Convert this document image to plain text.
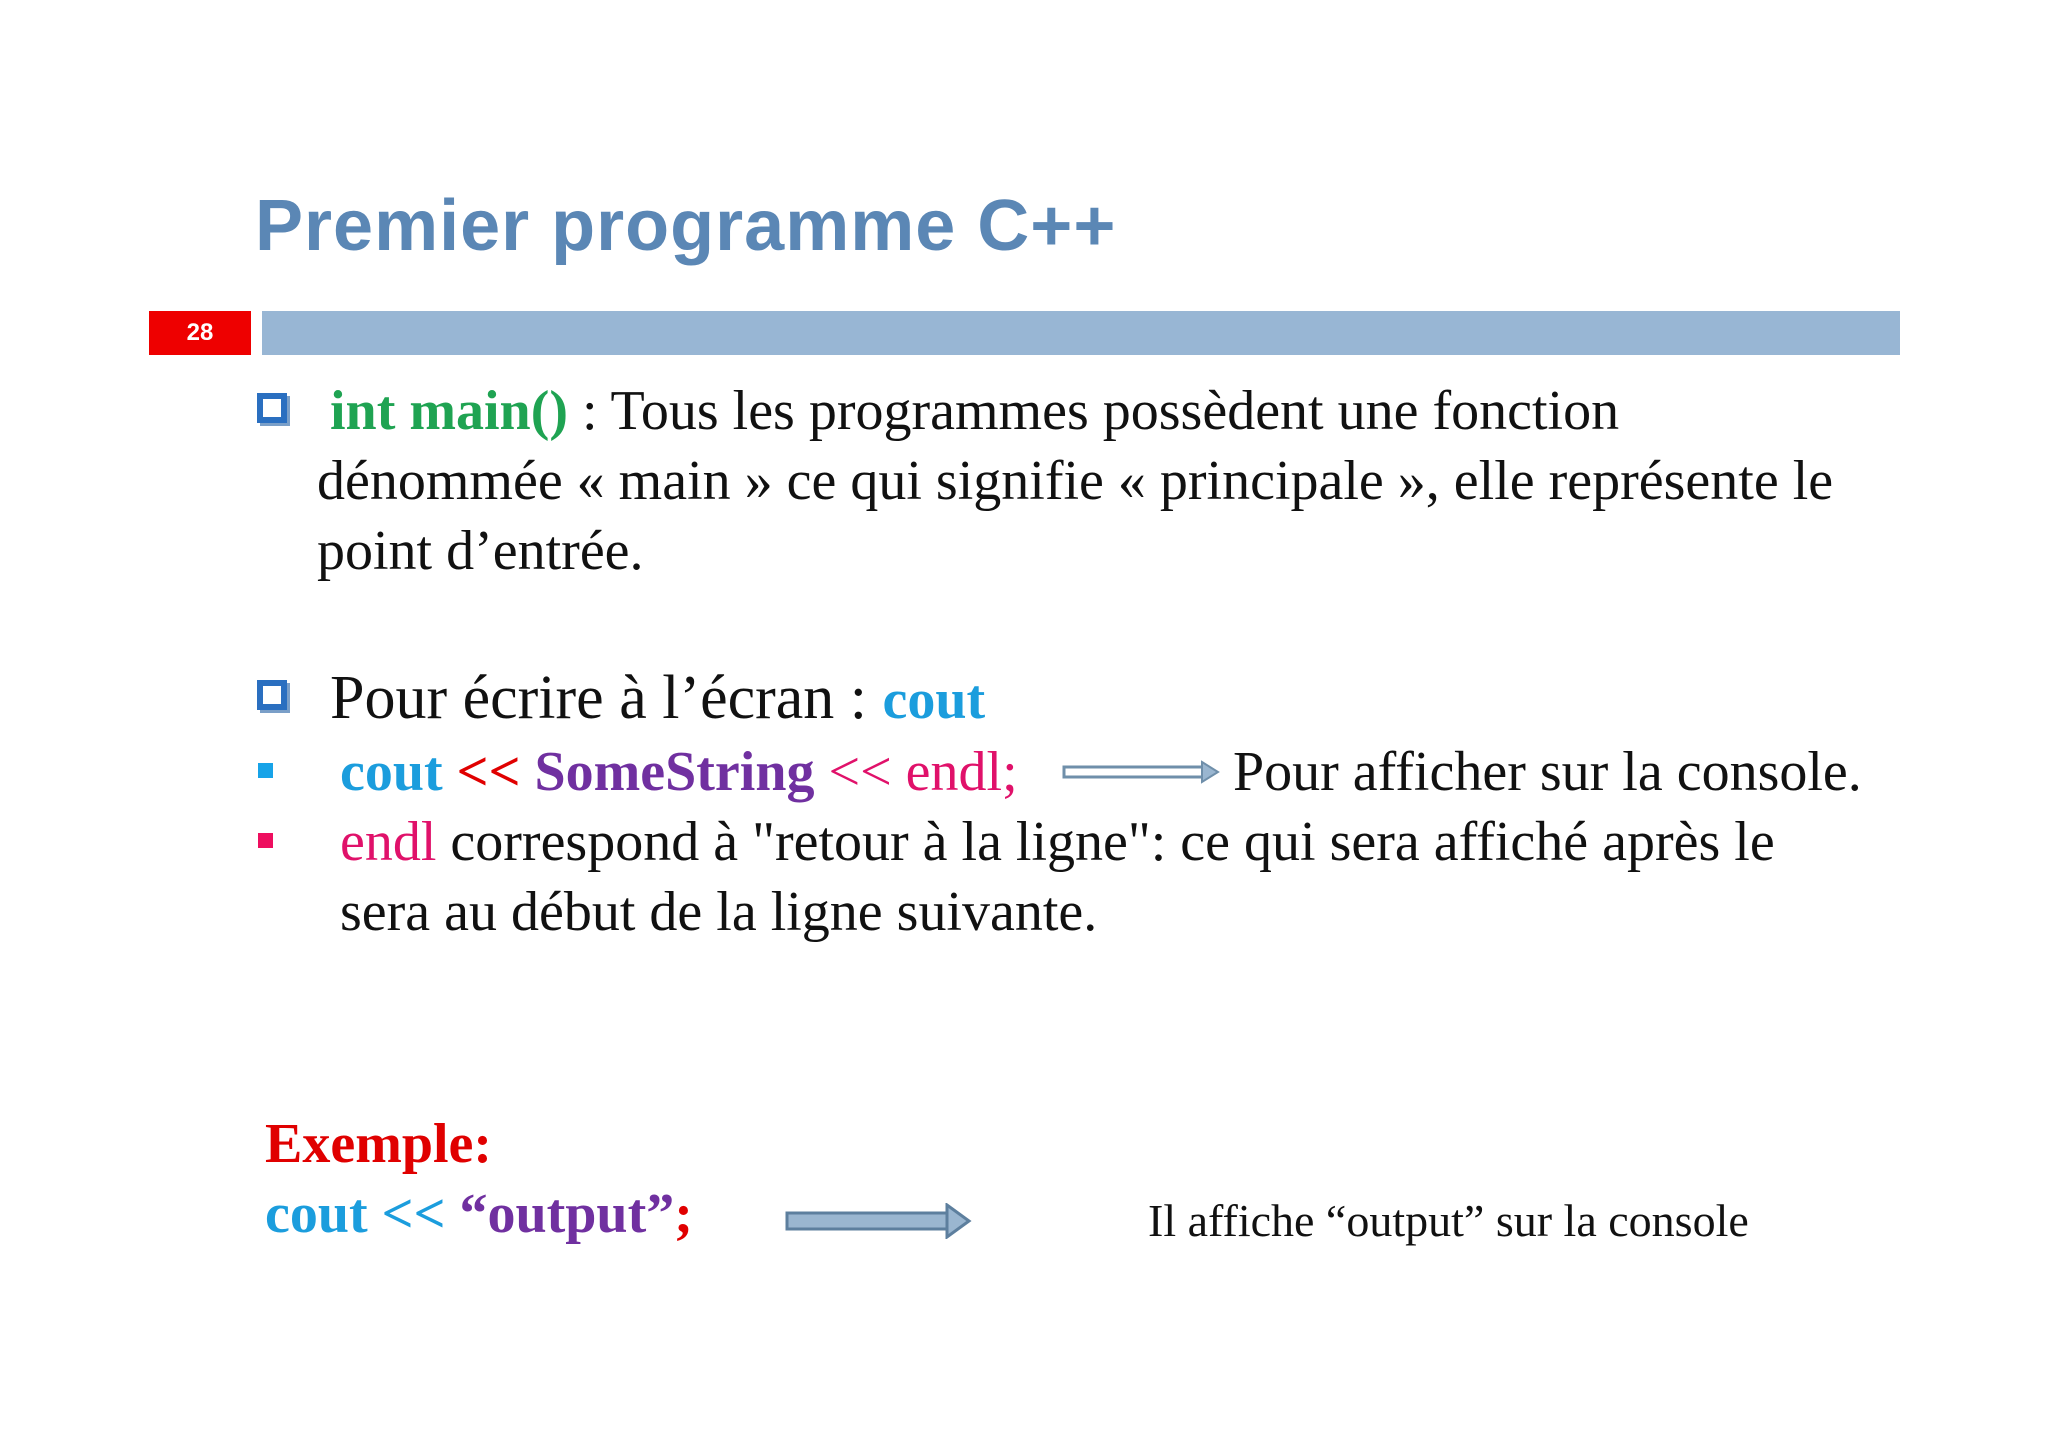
Premier programme C++
28
int main() : Tous les programmes possèdent une fonction
dénommée « main » ce qui signifie « principale », elle représente le
point d’entrée.
Pour écrire à l’écran : cout
cout << SomeString << endl;	Pour afficher sur la console.
endl correspond à "retour à la ligne": ce qui sera affiché après le
sera au début de la ligne suivante.
Exemple:
cout << “output”;	Il affiche “output” sur la console
